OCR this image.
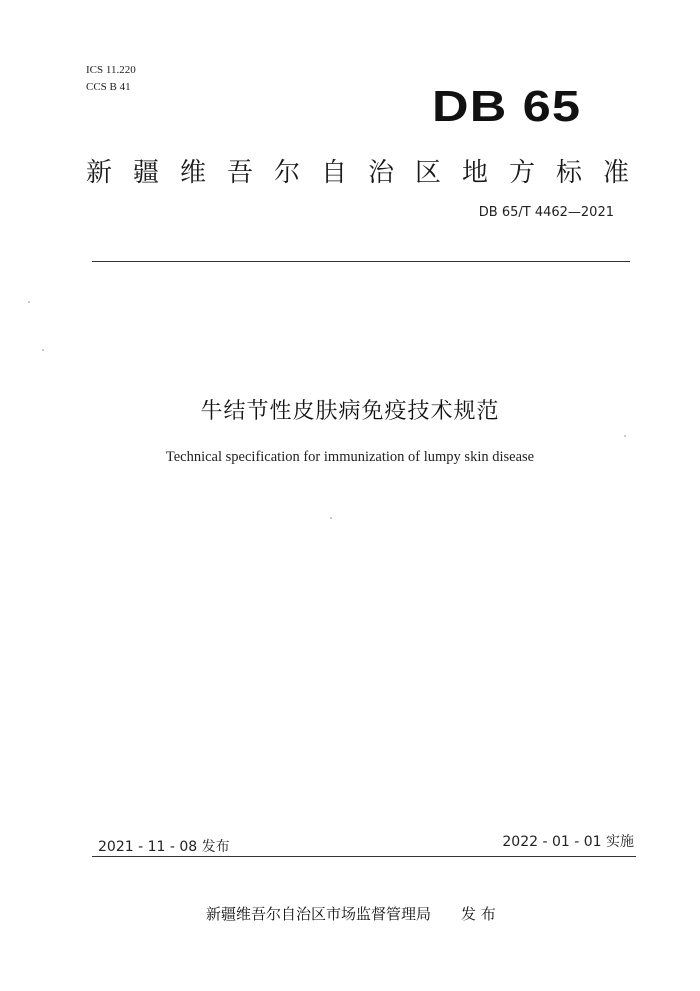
ICS 11.220
CCS B 41	DB 65
新疆维吾尔自治区地方标准
DB 65/T 4462—2021
牛结节性皮肤病免疫技术规范
Technical specification for immunization of lumpy skin disease
2021 - 11 - 08 发布	2022 - 01 - 01 实施
新疆维吾尔自治区市场监督管理局 发 布
